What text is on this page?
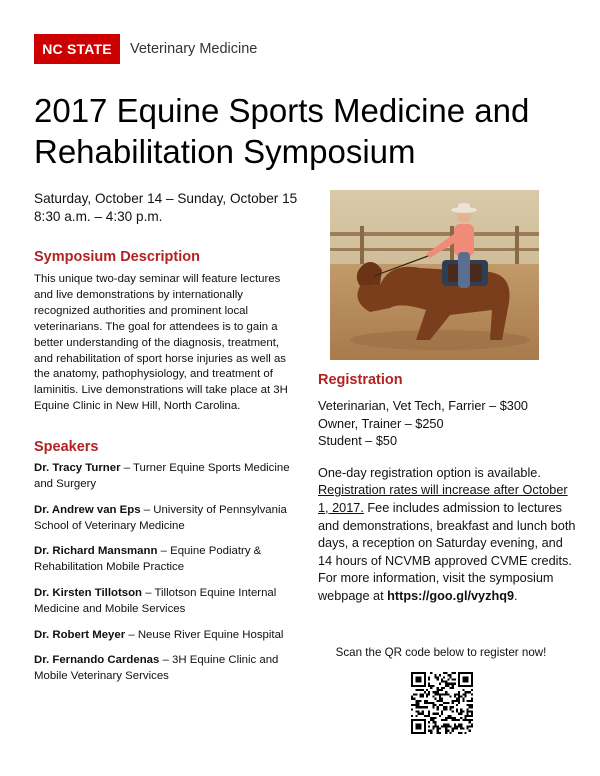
NC STATE	Veterinary Medicine
2017 Equine Sports Medicine and Rehabilitation Symposium
Saturday, October 14 – Sunday, October 15
8:30 a.m. – 4:30 p.m.
Symposium Description
This unique two-day seminar will feature lectures and live demonstrations by internationally recognized authorities and prominent local veterinarians. The goal for attendees is to gain a better understanding of the diagnosis, treatment, and rehabilitation of sport horse injuries as well as the anatomy, pathophysiology, and treatment of laminitis. Live demonstrations will take place at 3H Equine Clinic in New Hill, North Carolina.
Speakers
Dr. Tracy Turner – Turner Equine Sports Medicine and Surgery
Dr. Andrew van Eps – University of Pennsylvania School of Veterinary Medicine
Dr. Richard Mansmann – Equine Podiatry & Rehabilitation Mobile Practice
Dr. Kirsten Tillotson – Tillotson Equine Internal Medicine and Mobile Services
Dr. Robert Meyer – Neuse River Equine Hospital
Dr. Fernando Cardenas – 3H Equine Clinic and Mobile Veterinary Services
Registration
Veterinarian, Vet Tech, Farrier – $300
Owner, Trainer – $250
Student – $50
One-day registration option is available. Registration rates will increase after October 1, 2017. Fee includes admission to lectures and demonstrations, breakfast and lunch both days, a reception on Saturday evening, and 14 hours of NCVMB approved CVME credits. For more information, visit the symposium webpage at https://goo.gl/vyzhq9.
Scan the QR code below to register now!
